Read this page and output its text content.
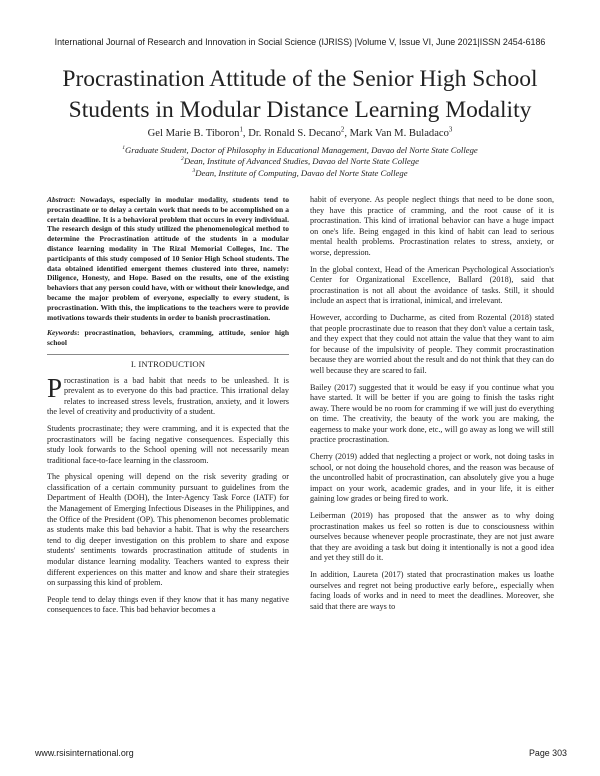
International Journal of Research and Innovation in Social Science (IJRISS) |Volume V, Issue VI, June 2021|ISSN 2454-6186
Procrastination Attitude of the Senior High School
Students in Modular Distance Learning Modality
Gel Marie B. Tiboron$^1$, Dr. Ronald S. Decano$^2$, Mark Van M. Buladaco$^3$
$^1$Graduate Student, Doctor of Philosophy in Educational Management, Davao del Norte State College
$^2$Dean, Institute of Advanced Studies, Davao del Norte State College
$^3$Dean, Institute of Computing, Davao del Norte State College

Abstract: Nowadays, especially in modular modality, students tend to procrastinate or to delay a certain work that needs to be accomplished on a certain deadline. It is a behavioral problem that occurs in every individual. The research design of this study utilized the phenomenological method to determine the Procrastination attitude of the students in a modular distance learning modality in The Rizal Memorial Colleges, Inc. The participants of this study composed of 10 Senior High School students. The data obtained identified emergent themes clustered into three, namely: Diligence, Honesty, and Hope. Based on the results, one of the existing behaviors that any person could have, with or without their knowledge, and became the major problem of everyone, especially to every student, is procrastination. With this, the implications to the teachers were to provide motivations towards their students in order to banish procrastination.

Keywords: procrastination, behaviors, cramming, attitude, senior high school

I. INTRODUCTION

Procrastination is a bad habit that needs to be unleashed. It is prevalent as to everyone do this bad practice. This irrational delay relates to increased stress levels, frustration, anxiety, and it lowers the level of creativity and productivity of a student.

Students procrastinate; they were cramming, and it is expected that the procrastinators will be facing negative consequences. Especially this study look forwards to the School opening will not necessarily mean traditional face-to-face learning in the classroom.

The physical opening will depend on the risk severity grading or classification of a certain community pursuant to guidelines from the Department of Health (DOH), the Inter-Agency Task Force (IATF) for the Management of Emerging Infectious Diseases in the Philippines, and the Office of the President (OP). This phenomenon becomes problematic as students make this bad behavior a habit. That is why the researchers tend to dig deeper investigation on this problem to share and expose students' sentiments towards procrastination attitude of students in modular distance learning modality. Teachers wanted to express their different experiences on this matter and know and share their strategies on surpassing this kind of problem.

People tend to delay things even if they know that it has many negative consequences to face. This bad behavior becomes a

habit of everyone. As people neglect things that need to be done soon, they have this practice of cramming, and the root cause of it is procrastination. This kind of irrational behavior can have a huge impact on one's life. Being engaged in this kind of habit can lead to serious mental health problems. Procrastination relates to stress, anxiety, or worse, depression.

In the global context, Head of the American Psychological Association's Center for Organizational Excellence, Ballard (2018), said that procrastination is not all about the avoidance of tasks. Still, it should include an aspect that is irrational, inimical, and irrelevant.

However, according to Ducharme, as cited from Rozental (2018) stated that people procrastinate due to reason that they don't value a certain task, and they expect that they could not attain the value that they want to aim for because of the impulsivity of people. They commit procrastination because they are worried about the result and do not think that they can do well because they are scared to fail.

Bailey (2017) suggested that it would be easy if you continue what you have started. It will be better if you are going to finish the tasks right away. There would be no room for cramming if we will just do everything on time. The creativity, the beauty of the work you are making, the eagerness to make your work done, etc., will go away as long we will still practice procrastination.

Cherry (2019) added that neglecting a project or work, not doing tasks in school, or not doing the household chores, and the reason was because of the uncontrolled habit of procrastination, can absolutely give you a huge impact on your work, academic grades, and in your life, it is either gaining low grades or being fired to work.

Leiberman (2019) has proposed that the answer as to why doing procrastination makes us feel so rotten is due to consciousness within ourselves because whenever people procrastinate, they are not just aware that they are avoiding a task but doing it intentionally is not a good idea and yet they still do it.

In addition, Laureta (2017) stated that procrastination makes us loathe ourselves and regret not being productive early before,, especially when facing loads of works and in need to meet the deadlines. Moreover, she said that there are ways to

www.rsisinternational.org	Page 303
